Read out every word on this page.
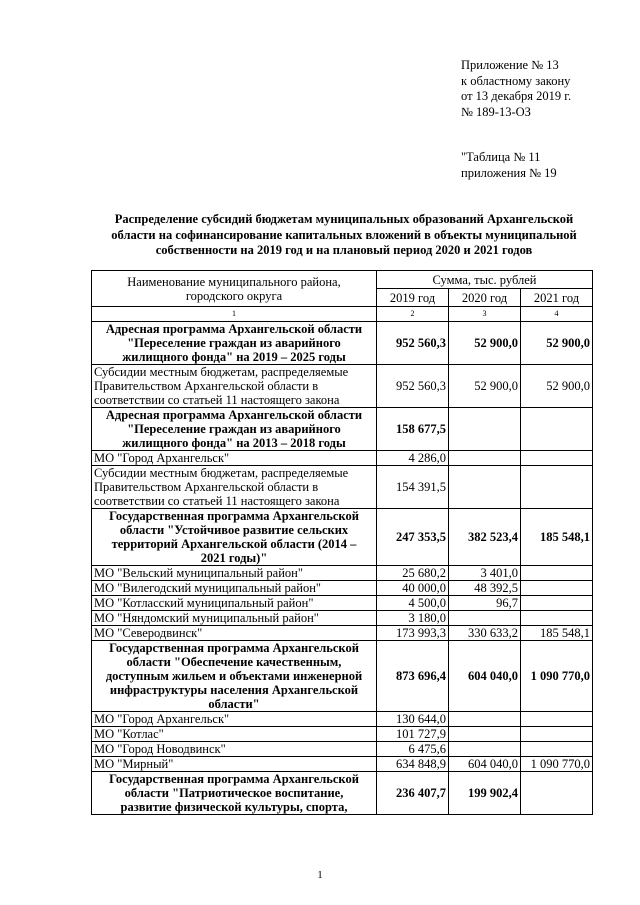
Приложение № 13
к областному закону
от 13 декабря 2019 г.
№ 189-13-ОЗ
"Таблица № 11
приложения № 19
Распределение субсидий бюджетам муниципальных образований Архангельской
области на софинансирование капитальных вложений в объекты муниципальной
собственности на 2019 год и на плановый период 2020 и 2021 годов
Наименование муниципального района,
городского округа	Сумма, тыс. рублей		
	2019 год	2020 год	2021 год
1	2	3	4

Адресная программа Архангельской области
"Переселение граждан из аварийного
жилищного фонда" на 2019 – 2025 годы	952 560,3	52 900,0	52 900,0

Субсидии местным бюджетам, распределяемые
Правительством Архангельской области в
соответствии со статьей 11 настоящего закона	952 560,3	52 900,0	52 900,0

Адресная программа Архангельской области
"Переселение граждан из аварийного
жилищного фонда" на 2013 – 2018 годы	158 677,5		

МО "Город Архангельск"	4 286,0		

Субсидии местным бюджетам, распределяемые
Правительством Архангельской области в
соответствии со статьей 11 настоящего закона	154 391,5		

Государственная программа Архангельской
области "Устойчивое развитие сельских
территорий Архангельской области (2014 –
2021 годы)"	247 353,5	382 523,4	185 548,1

МО "Вельский муниципальный район"	25 680,2	3 401,0	

МО "Вилегодский муниципальный район"	40 000,0	48 392,5	

МО "Котласский муниципальный район"	4 500,0	96,7	

МО "Няндомский муниципальный район"	3 180,0		

МО "Северодвинск"	173 993,3	330 633,2	185 548,1

Государственная программа Архангельской
области "Обеспечение качественным,
доступным жильем и объектами инженерной
инфраструктуры населения Архангельской
области"	873 696,4	604 040,0	1 090 770,0

МО "Город Архангельск"	130 644,0		

МО "Котлас"	101 727,9		

МО "Город Новодвинск"	6 475,6		

МО "Мирный"	634 848,9	604 040,0	1 090 770,0

Государственная программа Архангельской
области "Патриотическое воспитание,
развитие физической культуры, спорта,	236 407,7	199 902,4	
1
